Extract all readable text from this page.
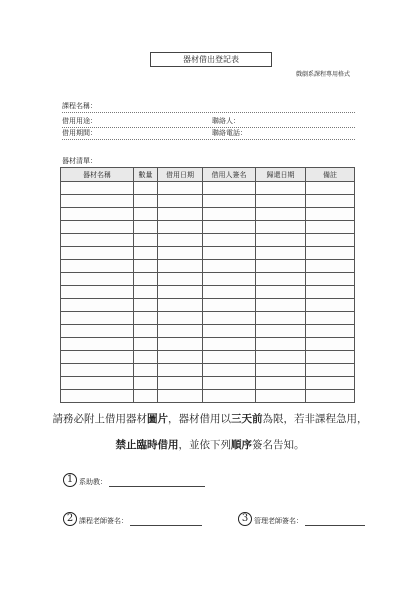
器材借出登記表
戲劇系課程專用格式
課程名稱：
借用用途：	聯絡人：
借用期間：	聯絡電話：
器材清單：
器材名稱	數量	借用日期	借用人簽名	歸還日期	備註

請務必附上借用器材圖片，器材借用以三天前為限，若非課程急用，
禁止臨時借用，並依下列順序簽名告知。
1 系助教：
2 課程老師簽名：	3 管理老師簽名：
